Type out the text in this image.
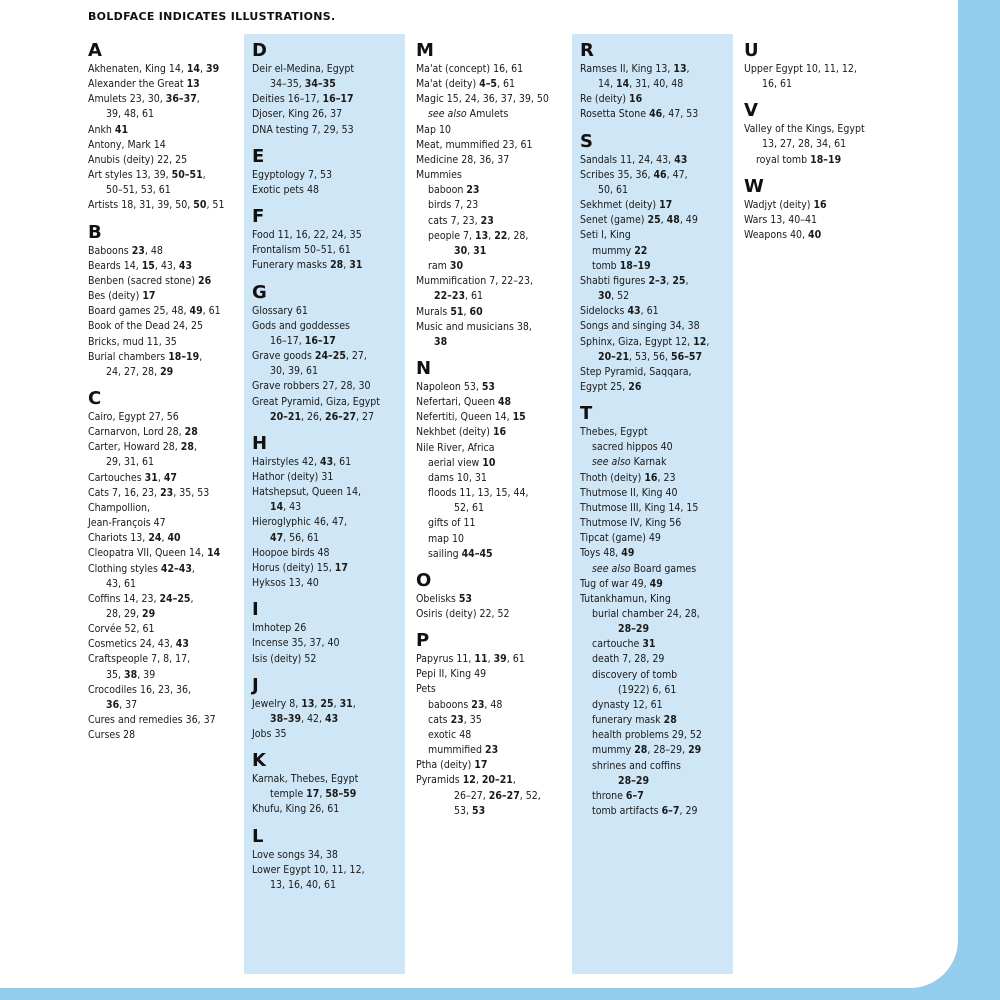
BOLDFACE INDICATES ILLUSTRATIONS.
A
Akhenaten, King 14, 14, 39
Alexander the Great 13
Amulets 23, 30, 36–37,
39, 48, 61
Ankh 41
Antony, Mark 14
Anubis (deity) 22, 25
Art styles 13, 39, 50–51,
50–51, 53, 61
Artists 18, 31, 39, 50, 50, 51
B
Baboons 23, 48
Beards 14, 15, 43, 43
Benben (sacred stone) 26
Bes (deity) 17
Board games 25, 48, 49, 61
Book of the Dead 24, 25
Bricks, mud 11, 35
Burial chambers 18–19,
24, 27, 28, 29
C
Cairo, Egypt 27, 56
Carnarvon, Lord 28, 28
Carter, Howard 28, 28,
29, 31, 61
Cartouches 31, 47
Cats 7, 16, 23, 23, 35, 53
Champollion,
Jean-François 47
Chariots 13, 24, 40
Cleopatra VII, Queen 14, 14
Clothing styles 42–43,
43, 61
Coffins 14, 23, 24–25,
28, 29, 29
Corvée 52, 61
Cosmetics 24, 43, 43
Craftspeople 7, 8, 17,
35, 38, 39
Crocodiles 16, 23, 36,
36, 37
Cures and remedies 36, 37
Curses 28
D
Deir el-Medina, Egypt
34–35, 34–35
Deities 16–17, 16–17
Djoser, King 26, 37
DNA testing 7, 29, 53
E
Egyptology 7, 53
Exotic pets 48
F
Food 11, 16, 22, 24, 35
Frontalism 50–51, 61
Funerary masks 28, 31
G
Glossary 61
Gods and goddesses
16–17, 16–17
Grave goods 24–25, 27,
30, 39, 61
Grave robbers 27, 28, 30
Great Pyramid, Giza, Egypt
20–21, 26, 26–27, 27
H
Hairstyles 42, 43, 61
Hathor (deity) 31
Hatshepsut, Queen 14,
14, 43
Hieroglyphic 46, 47,
47, 56, 61
Hoopoe birds 48
Horus (deity) 15, 17
Hyksos 13, 40
I
Imhotep 26
Incense 35, 37, 40
Isis (deity) 52
J
Jewelry 8, 13, 25, 31,
38–39, 42, 43
Jobs 35
K
Karnak, Thebes, Egypt
temple 17, 58–59
Khufu, King 26, 61
L
Love songs 34, 38
Lower Egypt 10, 11, 12,
13, 16, 40, 61
M
Ma'at (concept) 16, 61
Ma'at (deity) 4–5, 61
Magic 15, 24, 36, 37, 39, 50
see also Amulets
Map 10
Meat, mummified 23, 61
Medicine 28, 36, 37
Mummies
baboon 23
birds 7, 23
cats 7, 23, 23
people 7, 13, 22, 28,
30, 31
ram 30
Mummification 7, 22–23,
22–23, 61
Murals 51, 60
Music and musicians 38,
38
N
Napoleon 53, 53
Nefertari, Queen 48
Nefertiti, Queen 14, 15
Nekhbet (deity) 16
Nile River, Africa
aerial view 10
dams 10, 31
floods 11, 13, 15, 44,
52, 61
gifts of 11
map 10
sailing 44–45
O
Obelisks 53
Osiris (deity) 22, 52
P
Papyrus 11, 11, 39, 61
Pepi II, King 49
Pets
baboons 23, 48
cats 23, 35
exotic 48
mummified 23
Ptha (deity) 17
Pyramids 12, 20–21,
26–27, 26–27, 52,
53, 53
R
Ramses II, King 13, 13,
14, 14, 31, 40, 48
Re (deity) 16
Rosetta Stone 46, 47, 53
S
Sandals 11, 24, 43, 43
Scribes 35, 36, 46, 47,
50, 61
Sekhmet (deity) 17
Senet (game) 25, 48, 49
Seti I, King
mummy 22
tomb 18–19
Shabti figures 2–3, 25,
30, 52
Sidelocks 43, 61
Songs and singing 34, 38
Sphinx, Giza, Egypt 12, 12,
20–21, 53, 56, 56–57
Step Pyramid, Saqqara,
Egypt 25, 26
T
Thebes, Egypt
sacred hippos 40
see also Karnak
Thoth (deity) 16, 23
Thutmose II, King 40
Thutmose III, King 14, 15
Thutmose IV, King 56
Tipcat (game) 49
Toys 48, 49
see also Board games
Tug of war 49, 49
Tutankhamun, King
burial chamber 24, 28,
28–29
cartouche 31
death 7, 28, 29
discovery of tomb
(1922) 6, 61
dynasty 12, 61
funerary mask 28
health problems 29, 52
mummy 28, 28–29, 29
shrines and coffins
28–29
throne 6–7
tomb artifacts 6–7, 29
U
Upper Egypt 10, 11, 12,
16, 61
V
Valley of the Kings, Egypt
13, 27, 28, 34, 61
royal tomb 18–19
W
Wadjyt (deity) 16
Wars 13, 40–41
Weapons 40, 40
